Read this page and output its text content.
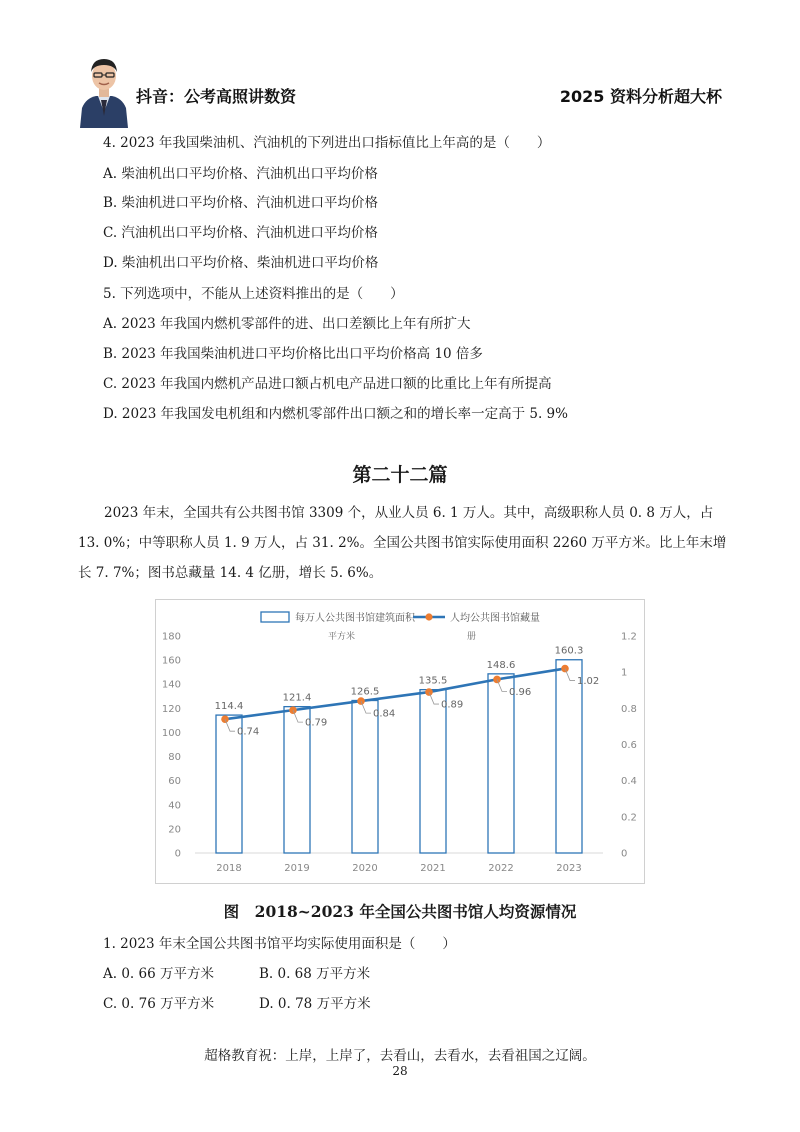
抖音：公考高照讲数资	2025 资料分析超大杯
4. 2023 年我国柴油机、汽油机的下列进出口指标值比上年高的是（　　）
A. 柴油机出口平均价格、汽油机出口平均价格
B. 柴油机进口平均价格、汽油机进口平均价格
C. 汽油机出口平均价格、汽油机进口平均价格
D. 柴油机出口平均价格、柴油机进口平均价格
5. 下列选项中，不能从上述资料推出的是（　　）
A. 2023 年我国内燃机零部件的进、出口差额比上年有所扩大
B. 2023 年我国柴油机进口平均价格比出口平均价格高 10 倍多
C. 2023 年我国内燃机产品进口额占机电产品进口额的比重比上年有所提高
D. 2023 年我国发电机组和内燃机零部件出口额之和的增长率一定高于 5. 9%
第二十二篇

2023 年末，全国共有公共图书馆 3309 个，从业人员 6. 1 万人。其中，高级职称人员 0. 8 万人，占 13. 0%；中等职称人员 1. 9 万人，占 31. 2%。全国公共图书馆实际使用面积 2260 万平方米。比上年末增长 7. 7%；图书总藏量 14. 4 亿册，增长 5. 6%。

每万人公共图书馆建筑面积	人均公共图书馆藏量
平方米	册
0
20
40
60
80
100
120
140
160
180
0
0.2
0.4
0.6
0.8
1
1.2
2018	2019	2020	2021	2022	2023
114.4
121.4
126.5
135.5
148.6
160.3
0.74
0.79
0.84
0.89
0.96
1.02
图　2018~2023 年全国公共图书馆人均资源情况
1. 2023 年末全国公共图书馆平均实际使用面积是（　　）
A. 0. 66 万平方米	B. 0. 68 万平方米
C. 0. 76 万平方米	D. 0. 78 万平方米
超格教育祝：上岸，上岸了，去看山，去看水，去看祖国之辽阔。
28
